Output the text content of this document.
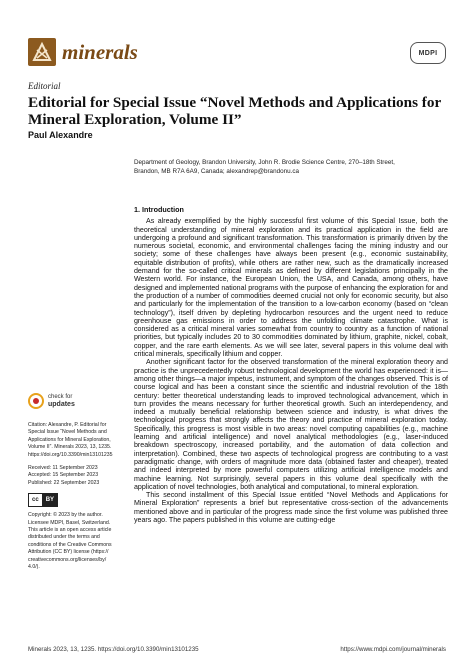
minerals	MDPI
Editorial
Editorial for Special Issue “Novel Methods and Applications for Mineral Exploration, Volume II”
Paul Alexandre
Department of Geology, Brandon University, John R. Brodie Science Centre, 270–18th Street,
Brandon, MB R7A 6A9, Canada; alexandrep@brandonu.ca
check for
updates
Citation: Alexandre, P. Editorial for
Special Issue “Novel Methods and
Applications for Mineral Exploration,
Volume II”. Minerals 2023, 13, 1235.
https://doi.org/10.3390/min13101235
Received: 11 September 2023
Accepted: 15 September 2023
Published: 22 September 2023
cc	BY
Copyright: © 2023 by the author.
Licensee MDPI, Basel, Switzerland.
This article is an open access article
distributed under the terms and
conditions of the Creative Commons
Attribution (CC BY) license (https://
creativecommons.org/licenses/by/
4.0/).

1. Introduction

As already exemplified by the highly successful first volume of this Special Issue, both the theoretical understanding of mineral exploration and its practical application in the field are undergoing a profound and significant transformation. This transformation is primarily driven by the numerous societal, economic, and environmental challenges facing the mining industry and our society; some of these challenges have always been present (e.g., economic sustainability, equitable distribution of profits), while others are rather new, such as the dramatically increased demand for the so-called critical minerals as defined by different legislations principally in the Western world. For instance, the European Union, the USA, and Canada, among others, have designed and implemented national programs with the purpose of enhancing the exploration for and the production of a number of commodities deemed crucial not only for economic security, but also and particularly for the implementation of the transition to a low-carbon economy (based on “clean technology”), itself driven by depleting hydrocarbon resources and the urgent need to reduce greenhouse gas emissions in order to address the unfolding climate catastrophe. What is considered as a critical mineral varies somewhat from country to country as a function of national priorities, but typically includes 20 to 30 commodities dominated by lithium, graphite, nickel, cobalt, copper, and the rare earth elements. As we will see later, several papers in this volume deal with critical minerals, specifically lithium and copper.

Another significant factor for the observed transformation of the mineral exploration theory and practice is the unprecedentedly robust technological development the world has experienced: it is—among other things—a major impetus, instrument, and symptom of the changes observed. This is of course logical and has been a constant since the scientific and industrial revolution of the 18th century: better theoretical understanding leads to improved technological advancement, which in turn provides the means necessary for further theoretical growth. Such an interdependency, and indeed a mutually beneficial relationship between science and industry, is what drives the technological progress that strongly affects the theory and practice of mineral exploration today. Specifically, this progress is most visible in two areas: novel computing capabilities (e.g., machine learning and artificial intelligence) and novel analytical methodologies (e.g., laser-induced breakdown spectroscopy, increased portability, and the automation of data collection and interpretation). Combined, these two aspects of technological progress are contributing to a vast paradigmatic change, with orders of magnitude more data (obtained faster and cheaper), treated and indeed interpreted by more powerful computers utilizing artificial intelligence models and machine learning. Not surprisingly, several papers in this volume deal specifically with the application of novel technologies, both analytical and computational, to mineral exploration.

This second installment of this Special Issue entitled “Novel Methods and Applications for Mineral Exploration” represents a brief but representative cross-section of the advancements mentioned above and in particular of the progress made since the first volume was published three years ago. The papers published in this volume are cutting-edge

Minerals 2023, 13, 1235. https://doi.org/10.3390/min13101235	https://www.mdpi.com/journal/minerals
